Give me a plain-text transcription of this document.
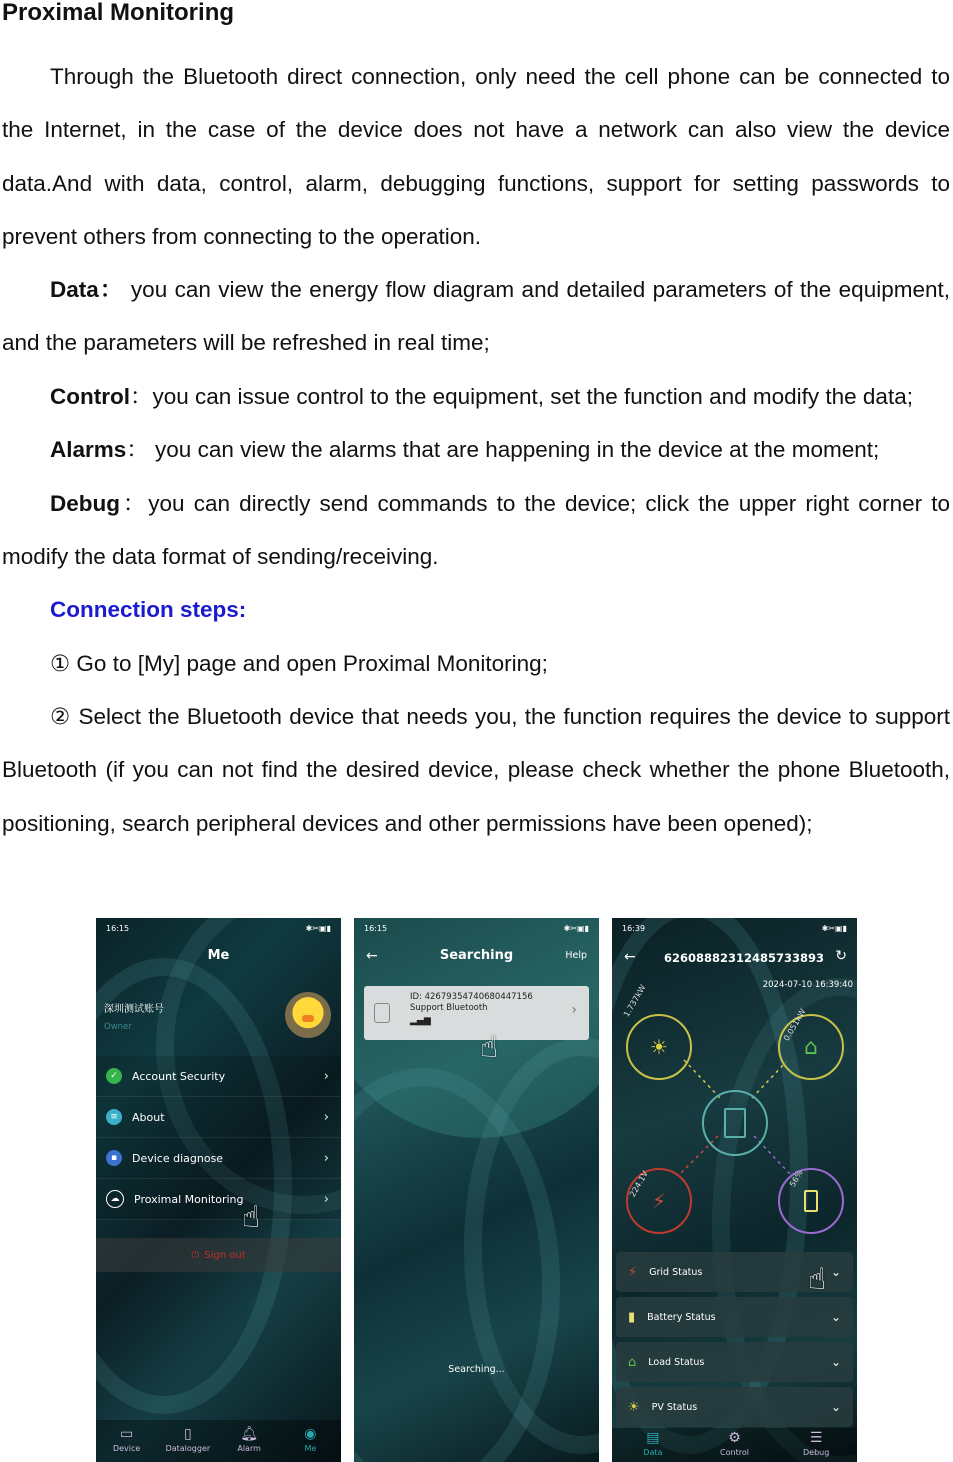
Proximal Monitoring

Through the Bluetooth direct connection, only need the cell phone can be connected to the Internet, in the case of the device does not have a network can also view the device data.And with data, control, alarm, debugging functions, support for setting passwords to prevent others from connecting to the operation.

Data： you can view the energy flow diagram and detailed parameters of the equipment, and the parameters will be refreshed in real time;

Control：you can issue control to the equipment, set the function and modify the data;

Alarms： you can view the alarms that are happening in the device at the moment;

Debug：you can directly send commands to the device; click the upper right corner to modify the data format of sending/receiving.

Connection steps:

① Go to [My] page and open Proximal Monitoring;

② Select the Bluetooth device that needs you, the function requires the device to support Bluetooth (if you can not find the desired device, please check whether the phone Bluetooth, positioning, search peripheral devices and other permissions have been opened);

16:15	✱✂▣▮
Me
深圳测试账号
Owner
✓	Account Security	›
≡	About	›
▪	Device diagnose	›
☁	Proximal Monitoring	›
☝
⏻ Sign out
▭
Device
▯
Datalogger
🔔︎
Alarm
◉
Me
16:15	✱✂▣▮
←	Searching	Help
ID: 42679354740680447156
Support Bluetooth
▂▄▆
›
☝
Searching...
16:39	✱✂▣▮
← 62608882312485733893 ↻
2024-07-10 16:39:40
☀
1.737kW
⌂
0.051kW
⚡
224.1V	56%
⚡ Grid Status	⌄
☝
▮ Battery Status	⌄
⌂ Load Status	⌄
☀ PV Status	⌄
▤
Data
⚙
Control
☰
Debug
